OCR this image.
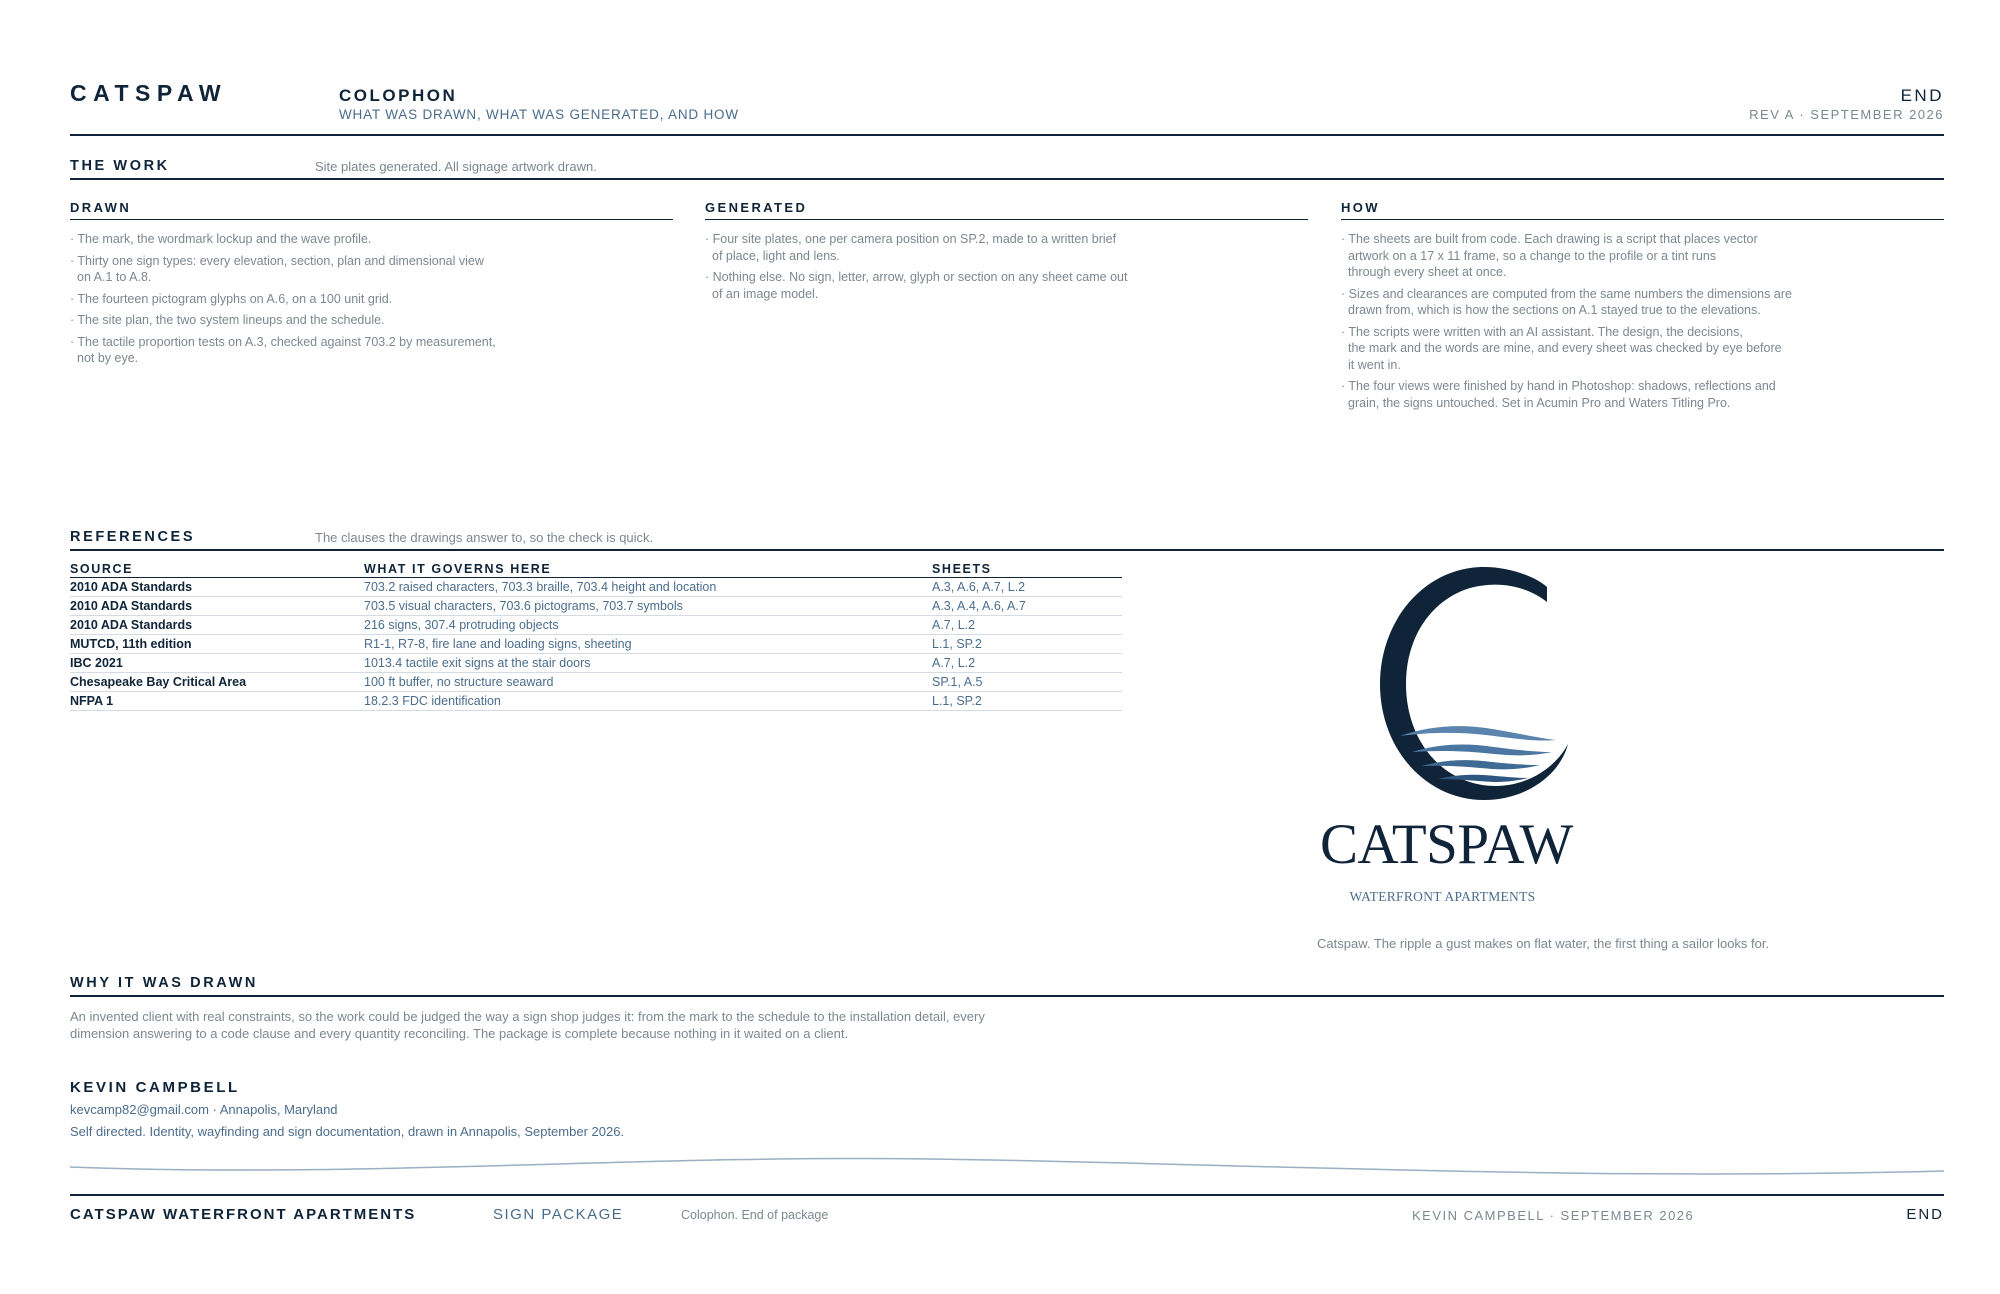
CATSPAW	COLOPHON
WHAT WAS DRAWN, WHAT WAS GENERATED, AND HOW
END
REV A · SEPTEMBER 2026
THE WORK	Site plates generated. All signage artwork drawn.
DRAWN
· The mark, the wordmark lockup and the wave profile.
· Thirty one sign types: every elevation, section, plan and dimensional view
on A.1 to A.8.
· The fourteen pictogram glyphs on A.6, on a 100 unit grid.
· The site plan, the two system lineups and the schedule.
· The tactile proportion tests on A.3, checked against 703.2 by measurement,
not by eye.
GENERATED
· Four site plates, one per camera position on SP.2, made to a written brief
of place, light and lens.
· Nothing else. No sign, letter, arrow, glyph or section on any sheet came out
of an image model.
HOW
· The sheets are built from code. Each drawing is a script that places vector
artwork on a 17 x 11 frame, so a change to the profile or a tint runs
through every sheet at once.
· Sizes and clearances are computed from the same numbers the dimensions are
drawn from, which is how the sections on A.1 stayed true to the elevations.
· The scripts were written with an AI assistant. The design, the decisions,
the mark and the words are mine, and every sheet was checked by eye before
it went in.
· The four views were finished by hand in Photoshop: shadows, reflections and
grain, the signs untouched. Set in Acumin Pro and Waters Titling Pro.
REFERENCES	The clauses the drawings answer to, so the check is quick.
SOURCE	WHAT IT GOVERNS HERE	SHEETS
2010 ADA Standards	703.2 raised characters, 703.3 braille, 703.4 height and location	A.3, A.6, A.7, L.2
2010 ADA Standards	703.5 visual characters, 703.6 pictograms, 703.7 symbols	A.3, A.4, A.6, A.7
2010 ADA Standards	216 signs, 307.4 protruding objects	A.7, L.2
MUTCD, 11th edition	R1-1, R7-8, fire lane and loading signs, sheeting	L.1, SP.2
IBC 2021	1013.4 tactile exit signs at the stair doors	A.7, L.2
Chesapeake Bay Critical Area	100 ft buffer, no structure seaward	SP.1, A.5
NFPA 1	18.2.3 FDC identification	L.1, SP.2
CATSPAW
WATERFRONT APARTMENTS
Catspaw. The ripple a gust makes on flat water, the first thing a sailor looks for.
WHY IT WAS DRAWN
An invented client with real constraints, so the work could be judged the way a sign shop judges it: from the mark to the schedule to the installation detail, every dimension answering to a code clause and every quantity reconciling. The package is complete because nothing in it waited on a client.
KEVIN CAMPBELL
kevcamp82@gmail.com · Annapolis, Maryland
Self directed. Identity, wayfinding and sign documentation, drawn in Annapolis, September 2026.
CATSPAW WATERFRONT APARTMENTS	SIGN PACKAGE	Colophon. End of package	KEVIN CAMPBELL · SEPTEMBER 2026	END
